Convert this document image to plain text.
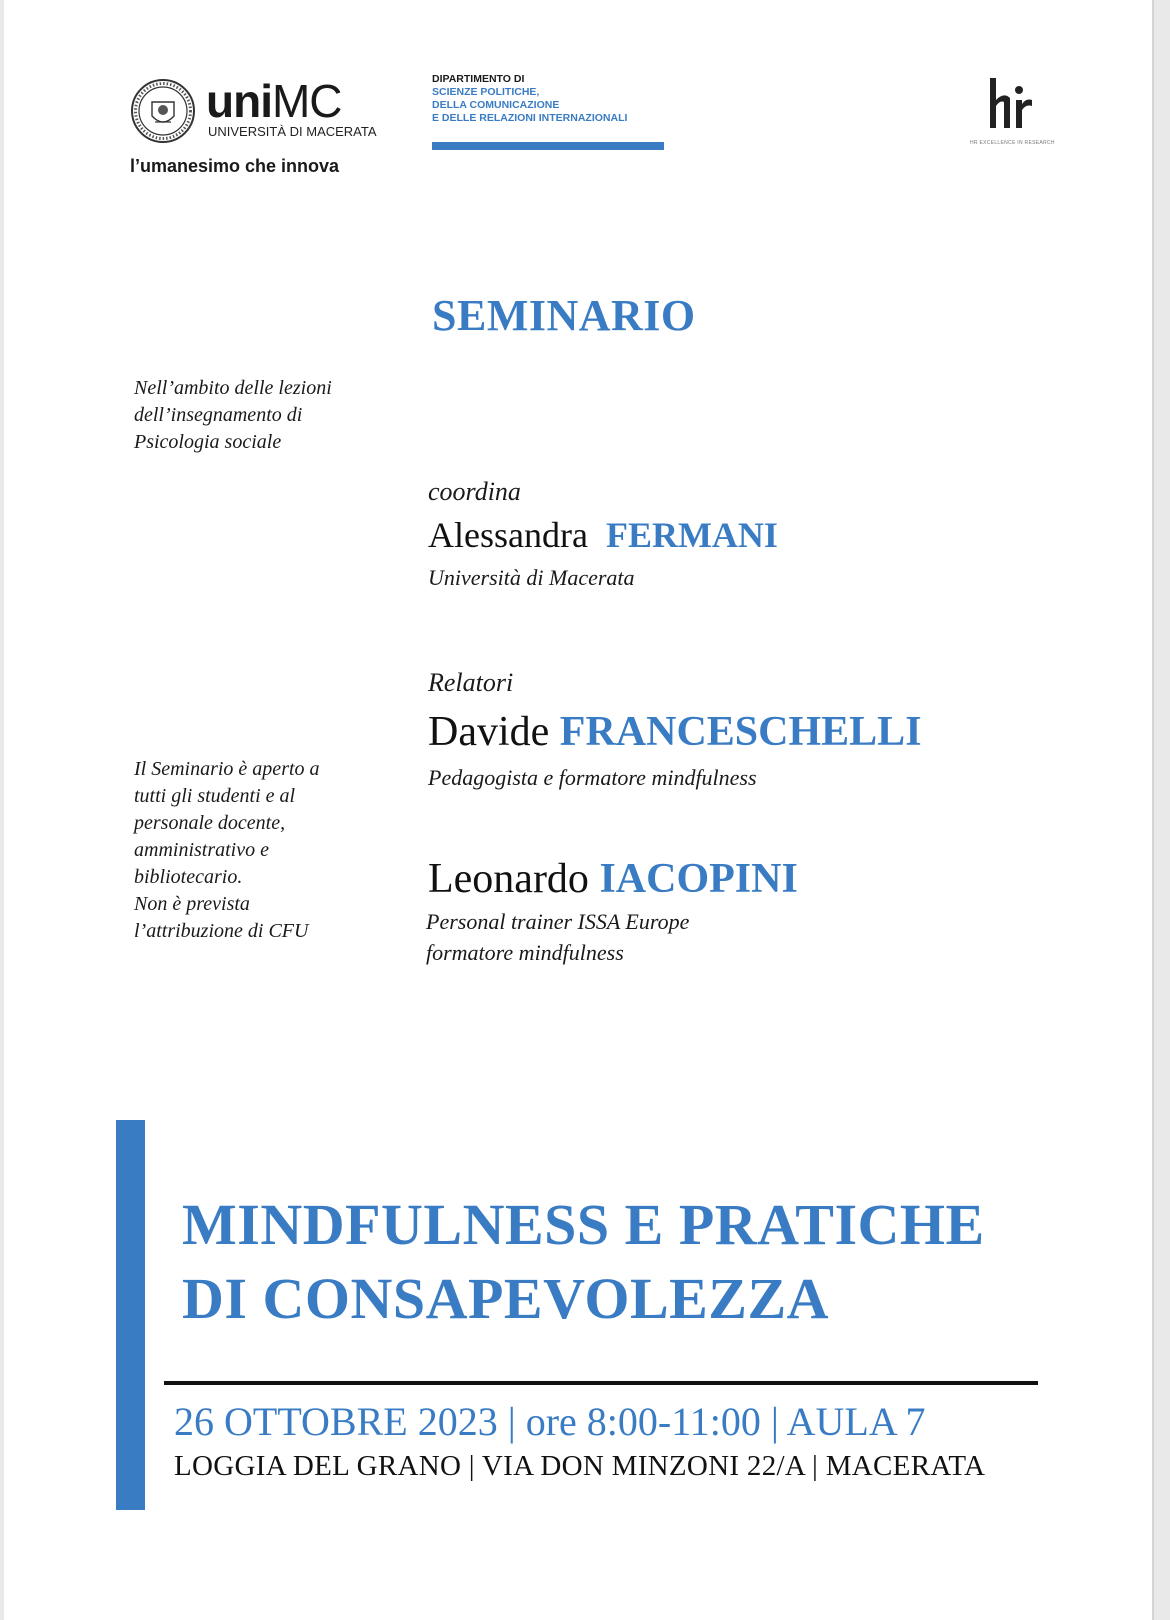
uniMC
UNIVERSITÀ DI MACERATA
l’umanesimo che innova
DIPARTIMENTO DI
SCIENZE POLITICHE,
DELLA COMUNICAZIONE
E DELLE RELAZIONI INTERNAZIONALI
HR EXCELLENCE IN RESEARCH
SEMINARIO
Nell’ambito delle lezioni
dell’insegnamento di
Psicologia sociale
coordina
Alessandra FERMANI
Università di Macerata
Relatori
Davide FRANCESCHELLI
Pedagogista e formatore mindfulness
Leonardo IACOPINI
Personal trainer ISSA Europe
formatore mindfulness
Il Seminario è aperto a
tutti gli studenti e al
personale docente,
amministrativo e
bibliotecario.
Non è prevista
l’attribuzione di CFU
MINDFULNESS E PRATICHE
DI CONSAPEVOLEZZA
26 OTTOBRE 2023 | ore 8:00-11:00 | AULA 7
LOGGIA DEL GRANO | VIA DON MINZONI 22/A | MACERATA
